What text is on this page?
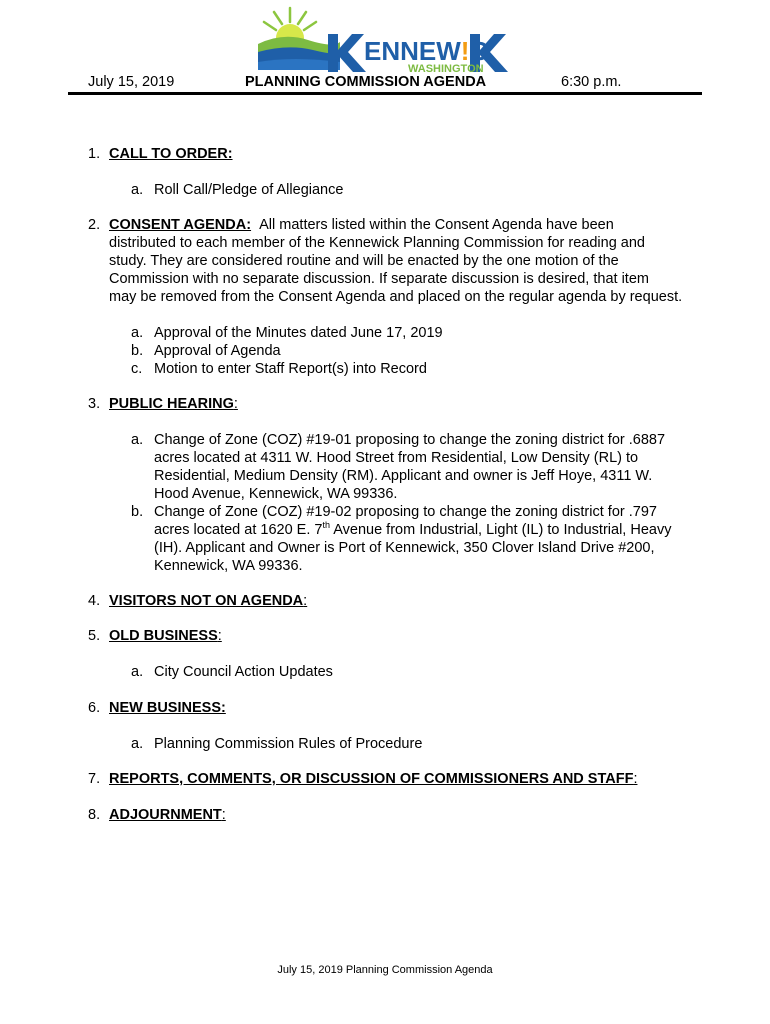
ENNEW!
WASHINGTON
July 15, 2019	PLANNING COMMISSION AGENDA	6:30 p.m.
1. CALL TO ORDER:
a. Roll Call/Pledge of Allegiance
2. CONSENT AGENDA: All matters listed within the Consent Agenda have been
distributed to each member of the Kennewick Planning Commission for reading and
study. They are considered routine and will be enacted by the one motion of the
Commission with no separate discussion. If separate discussion is desired, that item
may be removed from the Consent Agenda and placed on the regular agenda by request.
a. Approval of the Minutes dated June 17, 2019
b. Approval of Agenda
c. Motion to enter Staff Report(s) into Record
3. PUBLIC HEARING:
a. Change of Zone (COZ) #19-01 proposing to change the zoning district for .6887
acres located at 4311 W. Hood Street from Residential, Low Density (RL) to
Residential, Medium Density (RM). Applicant and owner is Jeff Hoye, 4311 W.
Hood Avenue, Kennewick, WA 99336.
b. Change of Zone (COZ) #19-02 proposing to change the zoning district for .797
acres located at 1620 E. 7th Avenue from Industrial, Light (IL) to Industrial, Heavy
(IH). Applicant and Owner is Port of Kennewick, 350 Clover Island Drive #200,
Kennewick, WA 99336.
4. VISITORS NOT ON AGENDA:
5. OLD BUSINESS:
a. City Council Action Updates
6. NEW BUSINESS:
a. Planning Commission Rules of Procedure
7. REPORTS, COMMENTS, OR DISCUSSION OF COMMISSIONERS AND STAFF:
8. ADJOURNMENT:
July 15, 2019 Planning Commission Agenda
